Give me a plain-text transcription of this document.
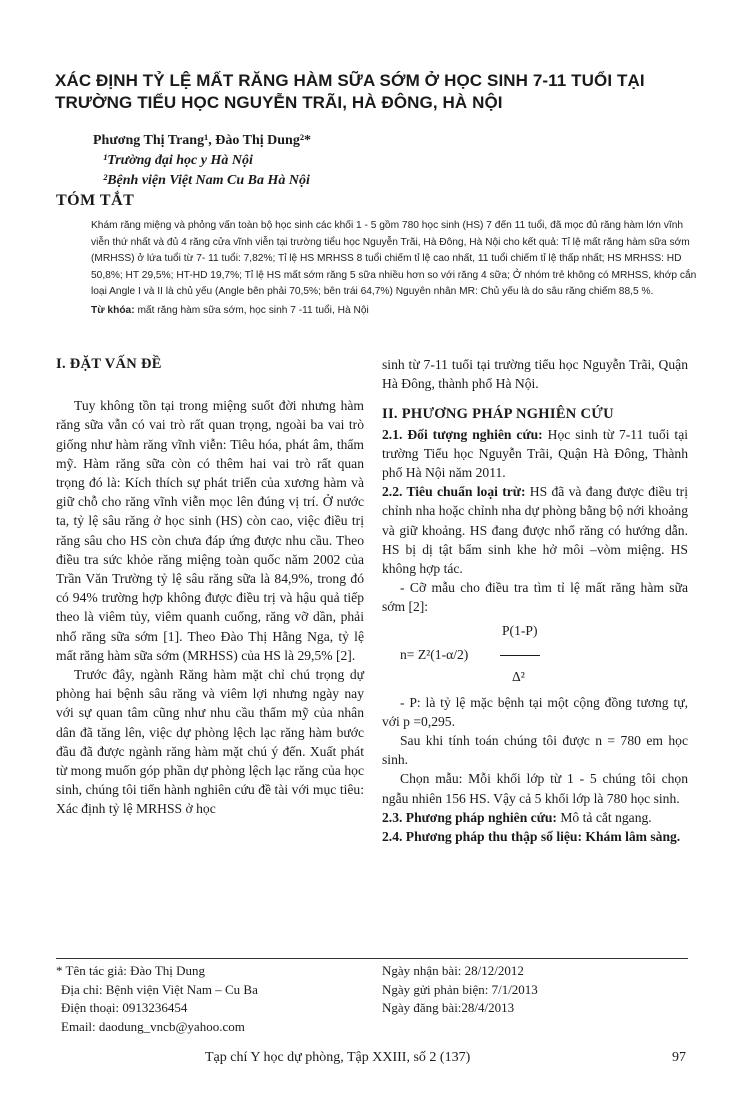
XÁC ĐỊNH TỶ LỆ MẤT RĂNG HÀM SỮA SỚM Ở HỌC SINH 7-11 TUỔI TẠI
TRƯỜNG TIỂU HỌC NGUYỄN TRÃI, HÀ ĐÔNG, HÀ NỘI
Phương Thị Trang¹, Đào Thị Dung²*
¹Trường đại học y Hà Nội
²Bệnh viện Việt Nam Cu Ba Hà Nội
TÓM TẮT

Khám răng miệng và phỏng vấn toàn bộ học sinh các khối 1 - 5 gồm 780 học sinh (HS) 7 đến 11 tuổi, đã mọc đủ răng hàm lớn vĩnh viễn thứ nhất và đủ 4 răng cửa vĩnh viễn tại trường tiểu học Nguyễn Trãi, Hà Đông, Hà Nội cho kết quả: Tỉ lệ mất răng hàm sữa sớm (MRHSS) ở lứa tuổi từ 7- 11 tuổi: 7,82%; Tỉ lệ HS MRHSS 8 tuổi chiếm tỉ lệ cao nhất, 11 tuổi chiếm tỉ lệ thấp nhất; HS MRHSS: HD 50,8%; HT 29,5%; HT-HD 19,7%; Tỉ lệ HS mất sớm răng 5 sữa nhiều hơn so với răng 4 sữa; Ở nhóm trẻ không có MRHSS, khớp cắn loại Angle I và II là chủ yếu (Angle bên phải 70,5%; bên trái 64,7%) Nguyên nhân MR: Chủ yếu là do sâu răng chiếm 88,5 %.

Từ khóa: mất răng hàm sữa sớm, học sinh 7 -11 tuổi, Hà Nội

I. ĐẶT VẤN ĐỀ

Tuy không tồn tại trong miệng suốt đời nhưng hàm răng sữa vẫn có vai trò rất quan trọng, ngoài ba vai trò giống như hàm răng vĩnh viễn: Tiêu hóa, phát âm, thẩm mỹ. Hàm răng sữa còn có thêm hai vai trò rất quan trọng đó là: Kích thích sự phát triển của xương hàm và giữ chỗ cho răng vĩnh viễn mọc lên đúng vị trí. Ở nước ta, tỷ lệ sâu răng ở học sinh (HS) còn cao, việc điều trị răng sâu cho HS còn chưa đáp ứng được nhu cầu. Theo điều tra sức khỏe răng miệng toàn quốc năm 2002 của Trần Văn Trường tỷ lệ sâu răng sữa là 84,9%, trong đó có 94% trường hợp không được điều trị và hậu quả tiếp theo là viêm tủy, viêm quanh cuống, răng vỡ dần, phải nhổ răng sữa sớm [1]. Theo Đào Thị Hằng Nga, tỷ lệ mất răng hàm sữa sớm (MRHSS) của HS là 29,5% [2].

Trước đây, ngành Răng hàm mặt chỉ chú trọng dự phòng hai bệnh sâu răng và viêm lợi nhưng ngày nay với sự quan tâm cũng như nhu cầu thẩm mỹ của nhân dân đã tăng lên, việc dự phòng lệch lạc răng hàm bước đầu đã được ngành răng hàm mặt chú ý đến. Xuất phát từ mong muốn góp phần dự phòng lệch lạc răng của học sinh, chúng tôi tiến hành nghiên cứu đề tài với mục tiêu: Xác định tỷ lệ MRHSS ở học

sinh từ 7-11 tuổi tại trường tiểu học Nguyễn Trãi, Quận Hà Đông, thành phố Hà Nội.

II. PHƯƠNG PHÁP NGHIÊN CỨU

2.1. Đối tượng nghiên cứu: Học sinh từ 7-11 tuổi tại trường Tiểu học Nguyễn Trãi, Quận Hà Đông, Thành phố Hà Nội năm 2011.

2.2. Tiêu chuẩn loại trừ: HS đã và đang được điều trị chỉnh nha hoặc chỉnh nha dự phòng bằng bộ nới khoảng và giữ khoảng. HS đang được nhổ răng có hướng dẫn. HS bị dị tật bẩm sinh khe hở môi –vòm miệng. HS không hợp tác.

- Cỡ mẫu cho điều tra tìm tỉ lệ mất răng hàm sữa sớm [2]:

P(1-P)
n= Z²(1-α/2)
Δ²

- P: là tỷ lệ mặc bệnh tại một cộng đồng tương tự, với p =0,295.

Sau khi tính toán chúng tôi được n = 780 em học sinh.

Chọn mẫu: Mỗi khối lớp từ 1 - 5 chúng tôi chọn ngẫu nhiên 156 HS. Vậy cả 5 khối lớp là 780 học sinh.

2.3. Phương pháp nghiên cứu: Mô tả cắt ngang.

2.4. Phương pháp thu thập số liệu: Khám lâm sàng.

* Tên tác giả: Đào Thị Dung
Địa chỉ: Bệnh viện Việt Nam – Cu Ba
Điện thoại: 0913236454
Email: daodung_vncb@yahoo.com
Ngày nhận bài: 28/12/2012
Ngày gửi phản biện: 7/1/2013
Ngày đăng bài:28/4/2013
Tạp chí Y học dự phòng, Tập XXIII, số 2 (137)	97
